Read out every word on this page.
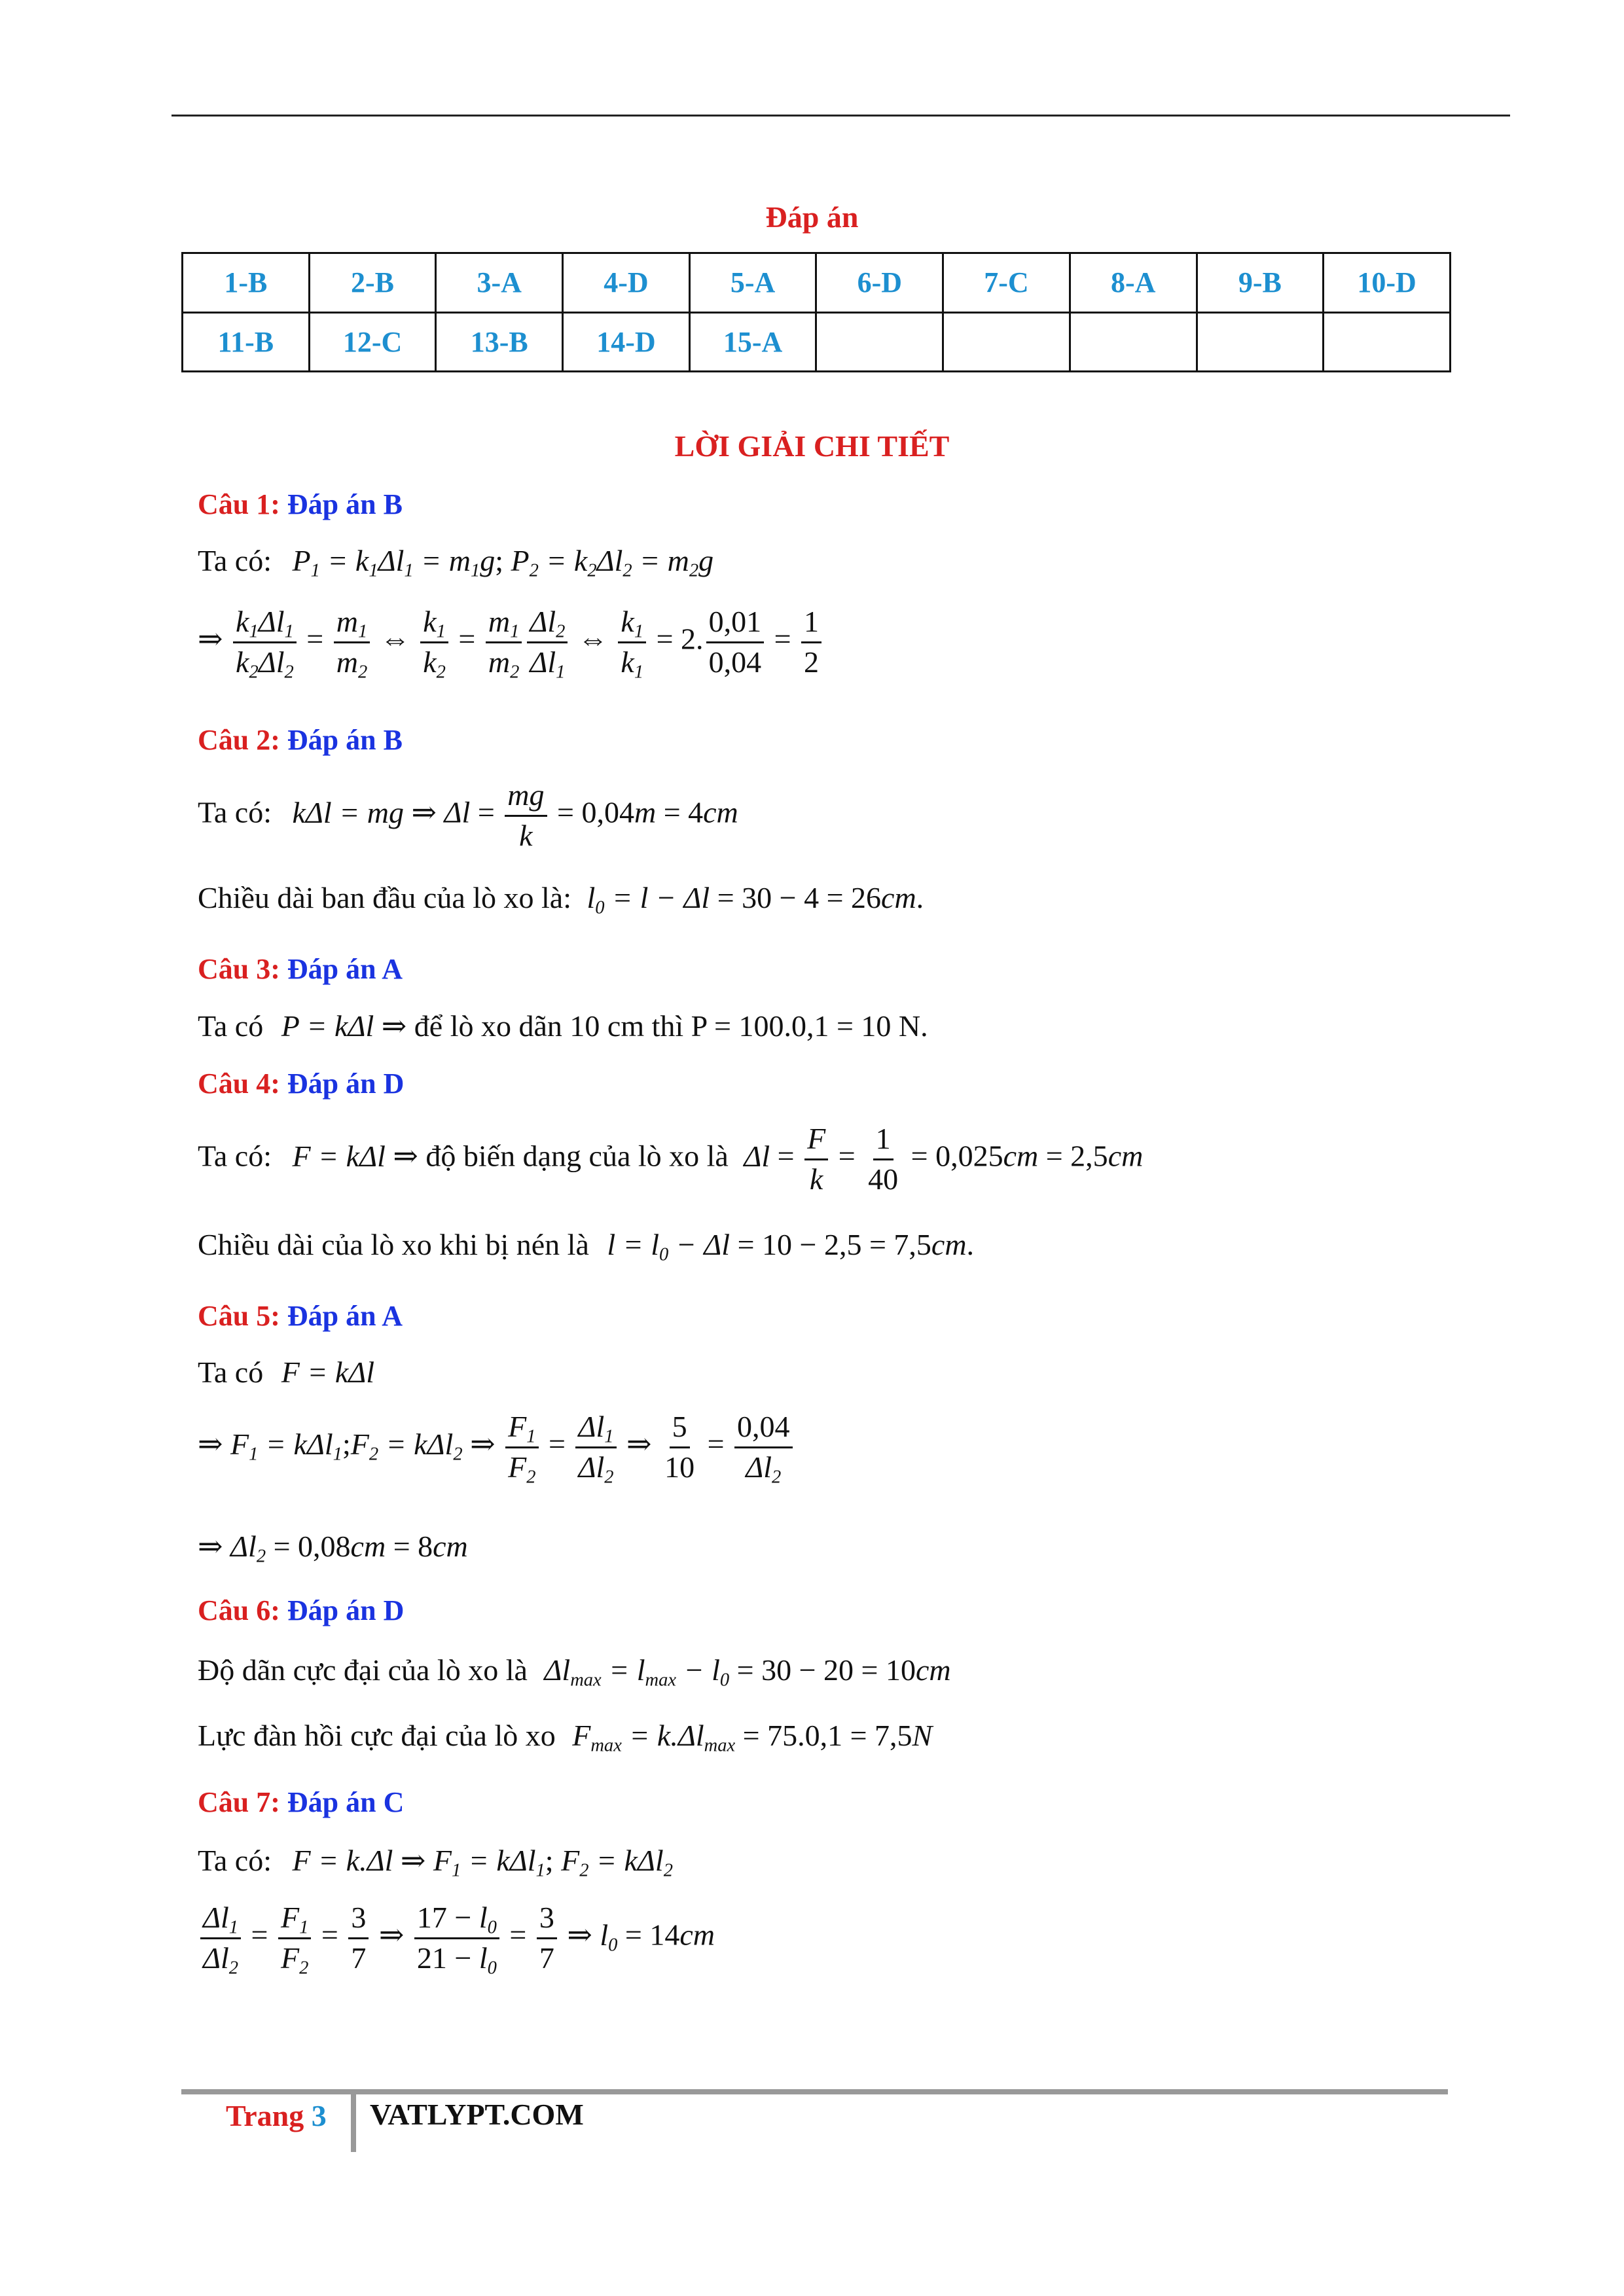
Đáp án
1-B	2-B	3-A	4-D	5-A	6-D	7-C	8-A	9-B	10-D
11-B	12-C	13-B	14-D	15-A					
LỜI GIẢI CHI TIẾT
Câu 1: Đáp án B
Ta có: $P_1 = k_1\Delta l_1 = m_1g$; $P_2 = k_2\Delta l_2 = m_2g$
⇒ $\frac{k_1\Delta l_1}{k_2\Delta l_2} = \frac{m_1}{m_2}$ ⇔ $\frac{k_1}{k_2} = \frac{m_1}{m_2} \frac{\Delta l_2}{\Delta l_1}$ ⇔ $\frac{k_1}{k_1} = 2$. $\frac{0,01}{0,04} = \frac{1}{2}$
Câu 2: Đáp án B
Ta có: kΔl = mg ⇒ $\Delta l = \frac{mg}{k} = 0,04m = 4cm$
Chiều dài ban đầu của lò xo là: $l_0 = l - \Delta l = 30 - 4 = 26cm$.
Câu 3: Đáp án A
Ta có P = kΔl ⇒ để lò xo dãn 10 cm thì P = 100.0,1 = 10 N.
Câu 4: Đáp án D
Ta có: F = kΔl ⇒ độ biến dạng của lò xo là $\Delta l = \frac{F}{k} = \frac{1}{40} = 0,025cm = 2,5cm$
Chiều dài của lò xo khi bị nén là $l = l_0 - \Delta l = 10 - 2,5 = 7,5cm$.
Câu 5: Đáp án A
Ta có F = kΔl
⇒ $F_1$ = $k\Delta l_1;F_2 = k\Delta l_2$ ⇒ $\frac{F_1}{F_2} = \frac{\Delta l_1}{\Delta l_2}$ ⇒ $\frac{5}{10} = \frac{0,04}{\Delta l_2}$
⇒ $\Delta l_2 = 0,08cm = 8cm$
Câu 6: Đáp án D
Độ dãn cực đại của lò xo là $\Delta l_{max} = l_{max} - l_0 = 30 - 20 = 10cm$
Lực đàn hồi cực đại của lò xo $F_{max} = k.\Delta l_{max} = 75.0,1 = 7,5N$
Câu 7: Đáp án C
Ta có: F = k.Δl ⇒ $F_1 = k\Delta l_1$; $F_2 = k\Delta l_2$
$\frac{\Delta l_1}{\Delta l_2} = \frac{F_1}{F_2} = \frac{3}{7}$ ⇒ $\frac{17 - l_0}{21 - l_0} = \frac{3}{7}$ ⇒ $l_0 = 14cm$
Trang 3 VATLYPT.COM
